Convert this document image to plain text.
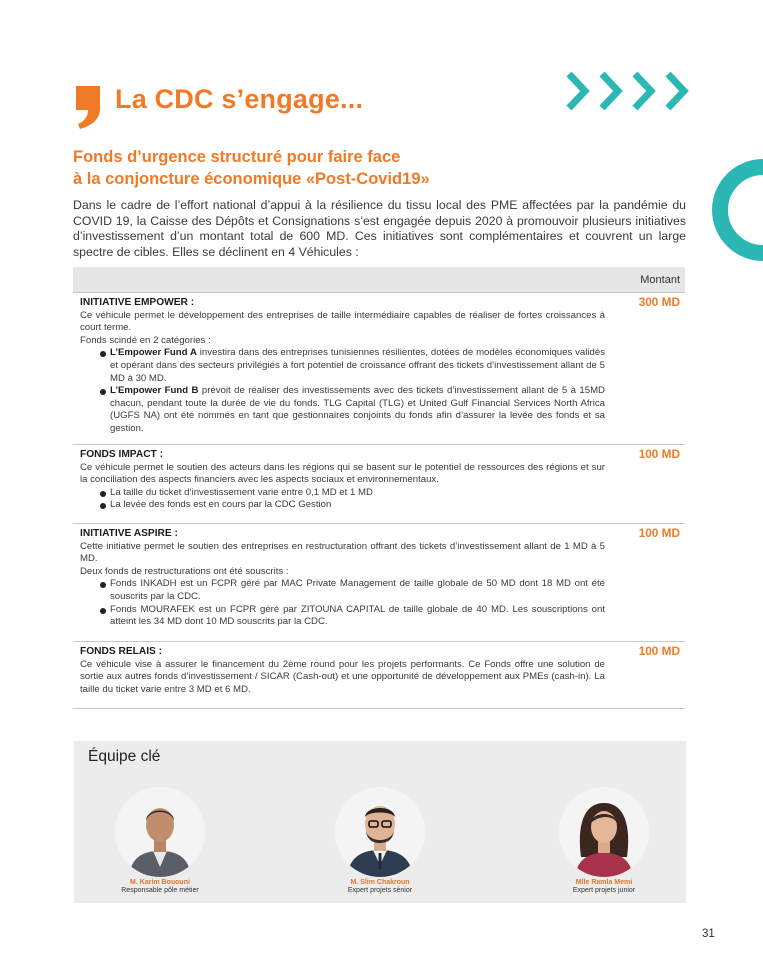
La CDC s’engage...
Fonds d’urgence structuré pour faire face
à la conjoncture économique «Post-Covid19»

Dans le cadre de l’effort national d’appui à la résilience du tissu local des PME affectées par la pandémie du COVID 19, la Caisse des Dépôts et Consignations s’est engagée depuis 2020 à promouvoir plusieurs initiatives d’investissement d’un montant total de 600 MD. Ces initiatives sont complémentaires et couvrent un large spectre de cibles. Elles se déclinent en 4 Véhicules :

Montant
INITIATIVE EMPOWER :	300 MD
Ce véhicule permet le développement des entreprises de taille intermédiaire capables de réaliser de fortes croissances à court terme.
Fonds scindé en 2 catégories :
L’Empower Fund A investira dans des entreprises tunisiennes résilientes, dotées de modèles économiques validés et opérant dans des secteurs privilégiés à fort potentiel de croissance offrant des tickets d’investissement allant de 5 MD à 30 MD.
L’Empower Fund B prévoit de réaliser des investissements avec des tickets d’investissement allant de 5 à 15MD chacun, pendant toute la durée de vie du fonds. TLG Capital (TLG) et United Gulf Financial Services North Africa (UGFS NA) ont été nommés en tant que gestionnaires conjoints du fonds afin d’assurer la levée des fonds et sa gestion.
FONDS IMPACT :	100 MD
Ce véhicule permet le soutien des acteurs dans les régions qui se basent sur le potentiel de ressources des régions et sur la conciliation des aspects financiers avec les aspects sociaux et environnementaux.
La taille du ticket d’investissement varie entre 0,1 MD et 1 MD
La levée des fonds est en cours par la CDC Gestion
INITIATIVE ASPIRE :	100 MD
Cette initiative permet le soutien des entreprises en restructuration offrant des tickets d’investissement allant de 1 MD à 5 MD.
Deux fonds de restructurations ont été souscrits :
Fonds INKADH est un FCPR géré par MAC Private Management de taille globale de 50 MD dont 18 MD ont été souscrits par la CDC.
Fonds MOURAFEK est un FCPR géré par ZITOUNA CAPITAL de taille globale de 40 MD. Les souscriptions ont atteint les 34 MD dont 10 MD souscrits par la CDC.
FONDS RELAIS :	100 MD
Ce véhicule vise à assurer le financement du 2ème round pour les projets performants. Ce Fonds offre une solution de sortie aux autres fonds d’investissement / SICAR (Cash-out) et une opportunité de développement aux PMEs (cash-in). La taille du ticket varie entre 3 MD et 6 MD.
Équipe clé
M. Karim Bououni
Responsable pôle métier
M. Slim Chakroun
Expert projets sénior
Mlle Ramla Memi
Expert projets junior
31
